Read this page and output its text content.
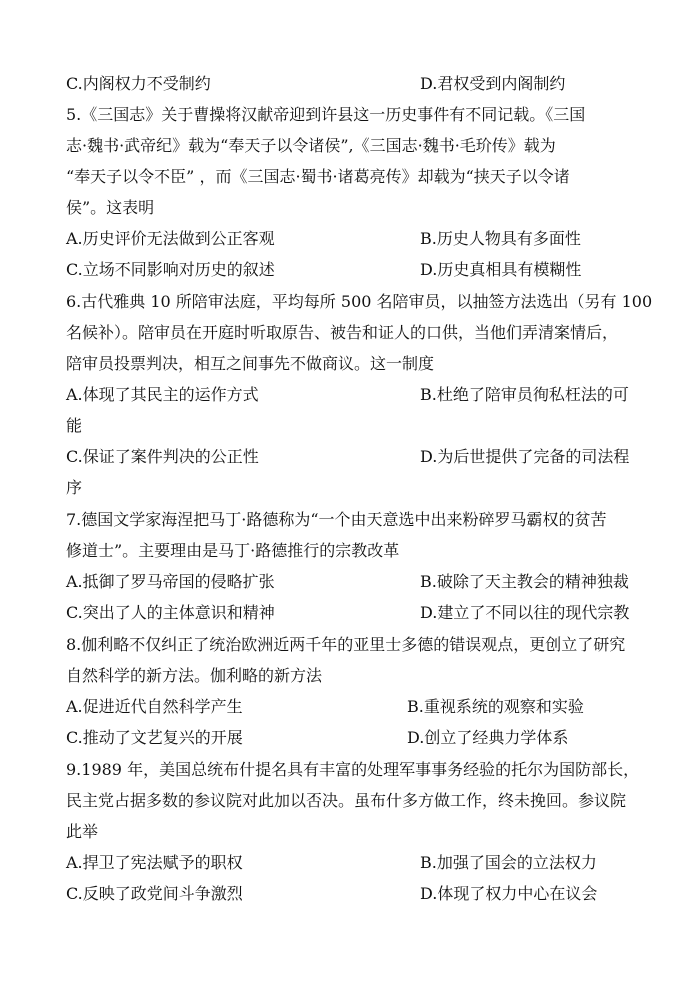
C.内阁权力不受制约	D.君权受到内阁制约
5.《三国志》关于曹操将汉献帝迎到许县这一历史事件有不同记载。《三国
志·魏书·武帝纪》载为“奉天子以令诸侯”,《三国志·魏书·毛玠传》载为
“奉天子以令不臣” ，而《三国志·蜀书·诸葛亮传》却载为“挟天子以令诸
侯”。这表明
A.历史评价无法做到公正客观	B.历史人物具有多面性
C.立场不同影响对历史的叙述	D.历史真相具有模糊性
6.古代雅典 10 所陪审法庭，平均每所 500 名陪审员，以抽签方法选出（另有 100
名候补）。陪审员在开庭时听取原告、被告和证人的口供，当他们弄清案情后，
陪审员投票判决，相互之间事先不做商议。这一制度
A.体现了其民主的运作方式	B.杜绝了陪审员徇私枉法的可
能
C.保证了案件判决的公正性	D.为后世提供了完备的司法程
序
7.德国文学家海涅把马丁·路德称为“一个由天意选中出来粉碎罗马霸权的贫苦
修道士”。主要理由是马丁·路德推行的宗教改革
A.抵御了罗马帝国的侵略扩张	B.破除了天主教会的精神独裁
C.突出了人的主体意识和精神	D.建立了不同以往的现代宗教
8.伽利略不仅纠正了统治欧洲近两千年的亚里士多德的错误观点，更创立了研究
自然科学的新方法。伽利略的新方法
A.促进近代自然科学产生	B.重视系统的观察和实验
C.推动了文艺复兴的开展	D.创立了经典力学体系
9.1989 年，美国总统布什提名具有丰富的处理军事事务经验的托尔为国防部长，
民主党占据多数的参议院对此加以否决。虽布什多方做工作，终未挽回。参议院
此举
A.捍卫了宪法赋予的职权	B.加强了国会的立法权力
C.反映了政党间斗争激烈	D.体现了权力中心在议会
